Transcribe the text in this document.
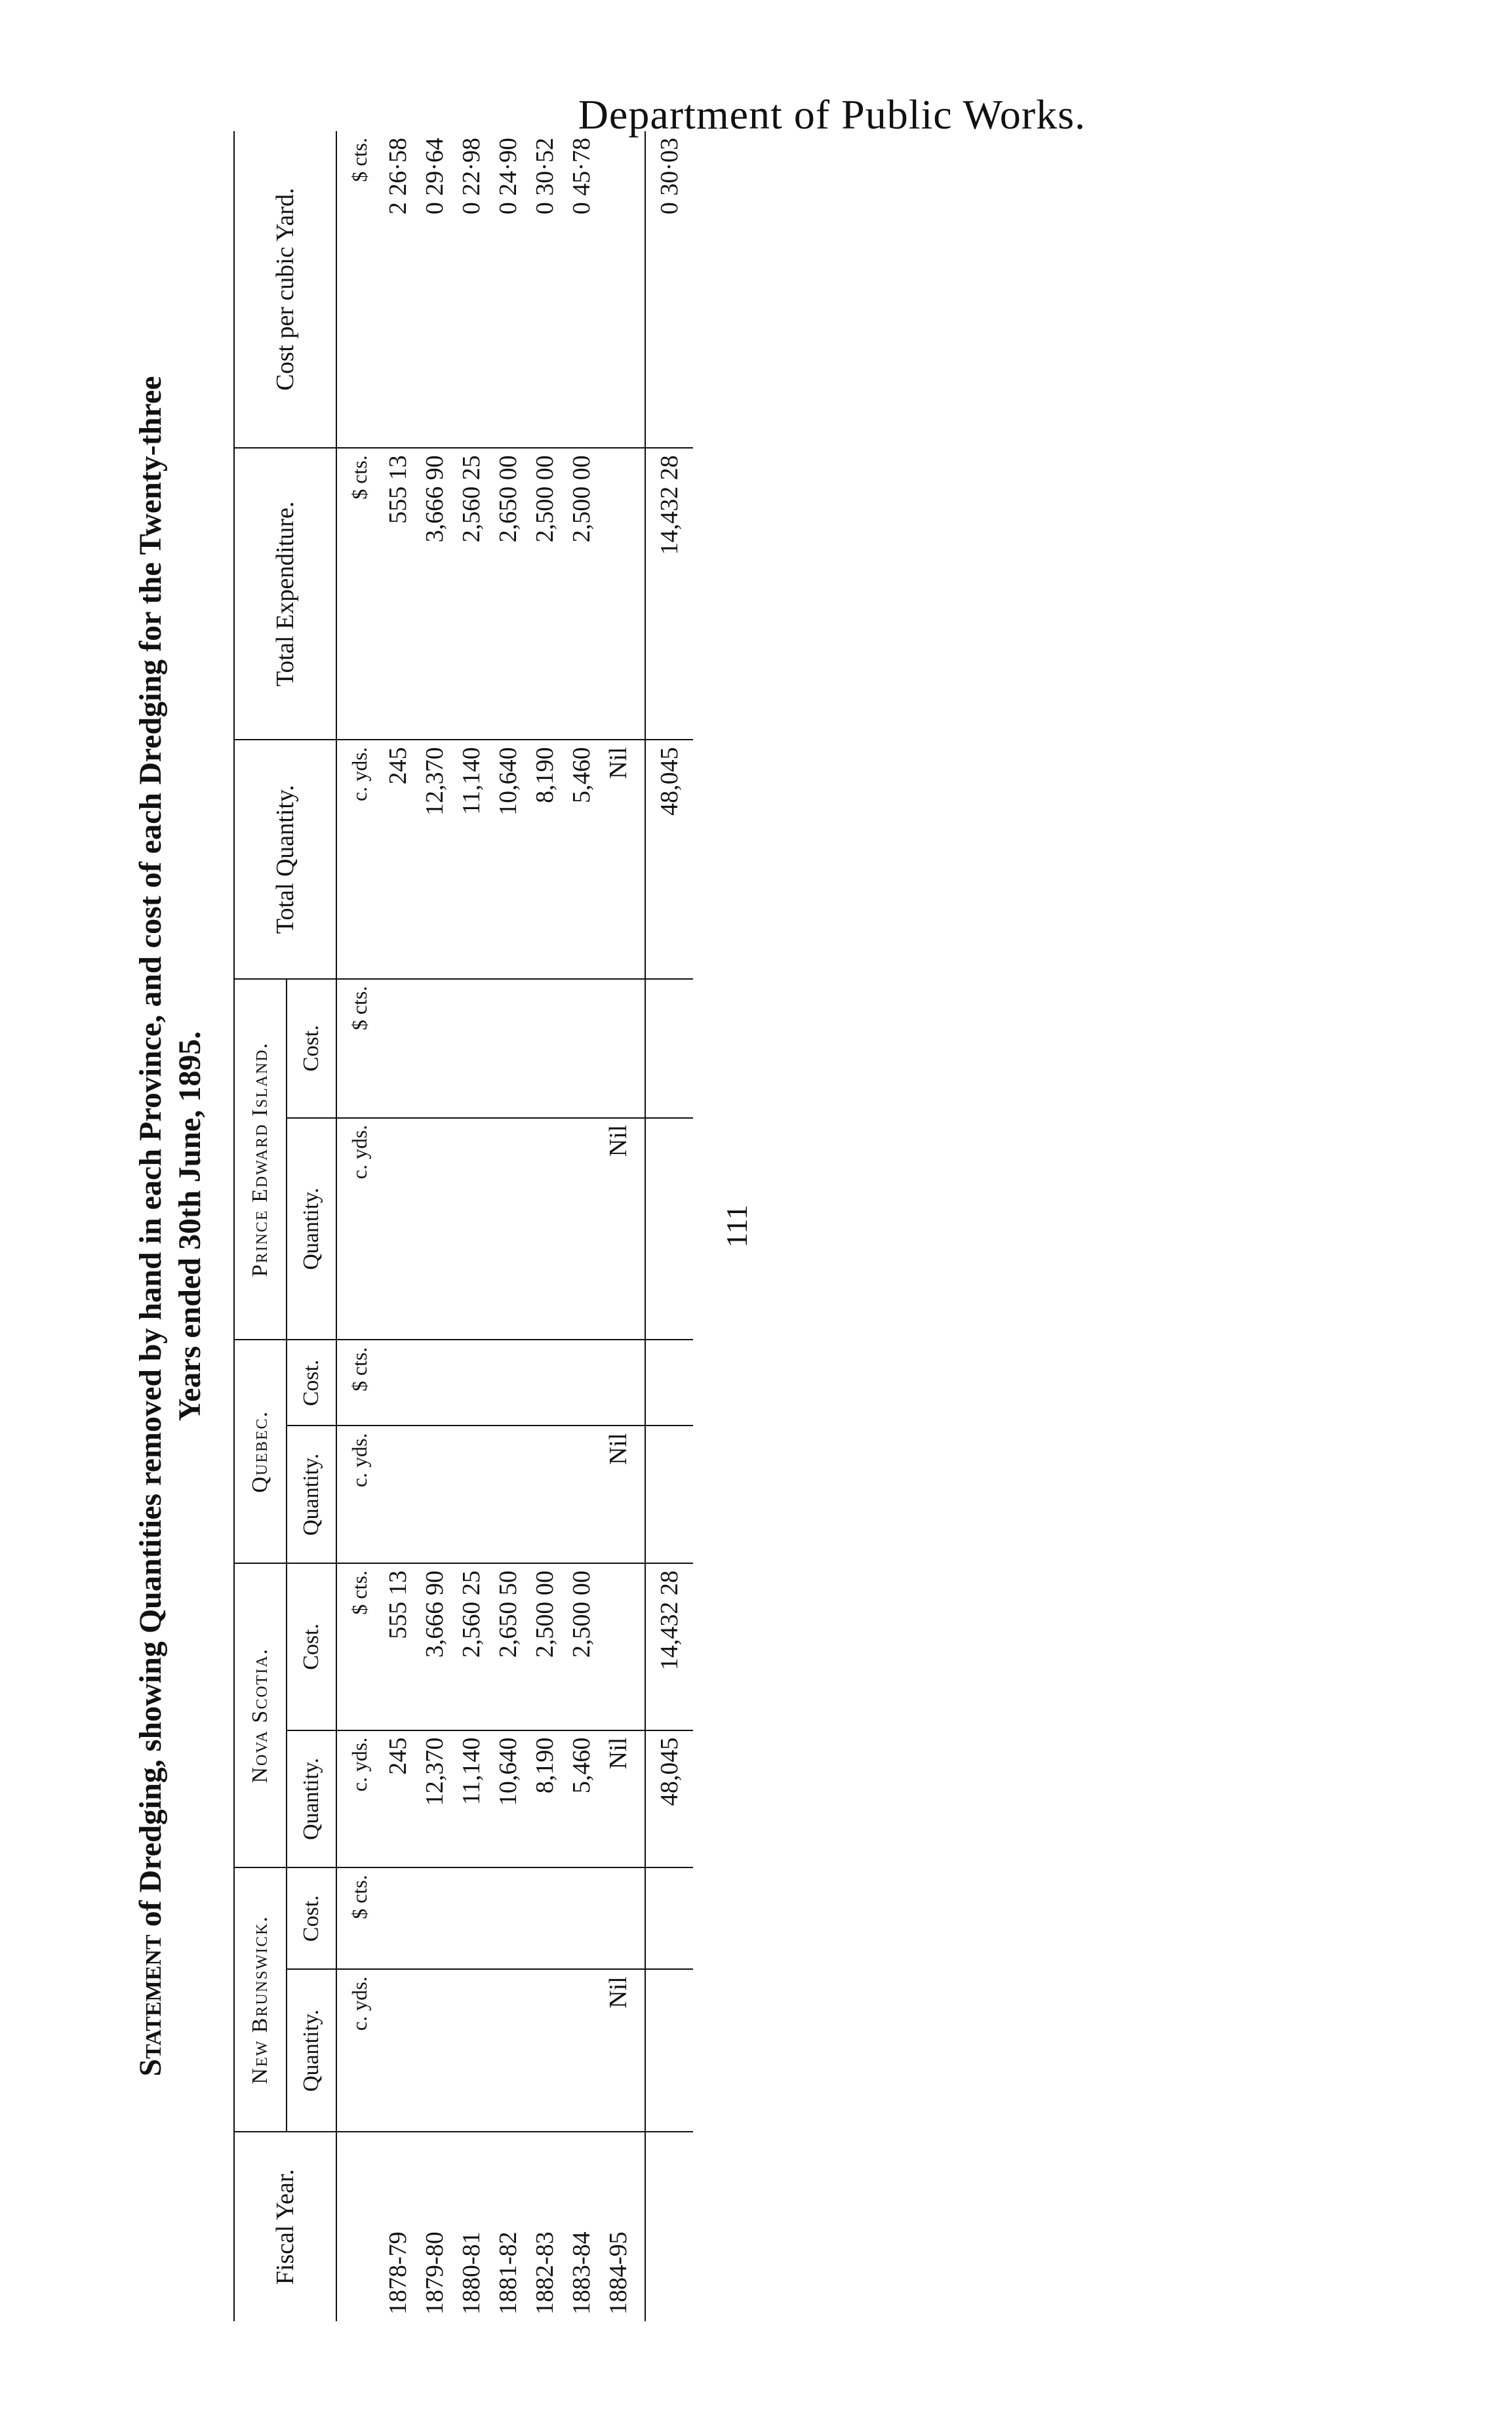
Department of Public Works.
Statement of Dredging, showing Quantities removed by hand in each Province, and cost of each Dredging for the Twenty-three Years ended 30th June, 1895.
Fiscal Year.	New Brunswick.		Nova Scotia.		Quebec.		Prince Edward Island.		Total Quantity.	Total Expenditure.	Cost per cubic Yard.
	Quantity.	Cost.	Quantity.	Cost.	Quantity.	Cost.	Quantity.	Cost.			
	c. yds.	$ cts.	c. yds.	$ cts.	c. yds.	$ cts.	c. yds.	$ cts.	c. yds.	$ cts.	$ cts.
1878-79			245	555 13					245	555 13	2 26·58
1879-80			12,370	3,666 90					12,370	3,666 90	0 29·64
1880-81			11,140	2,560 25					11,140	2,560 25	0 22·98
1881-82			10,640	2,650 50					10,640	2,650 00	0 24·90
1882-83			8,190	2,500 00					8,190	2,500 00	0 30·52
1883-84			5,460	2,500 00					5,460	2,500 00	0 45·78
1884-95	Nil		Nil		Nil		Nil		Nil		
			48,045	14,432 28					48,045	14,432 28	0 30·03
111
